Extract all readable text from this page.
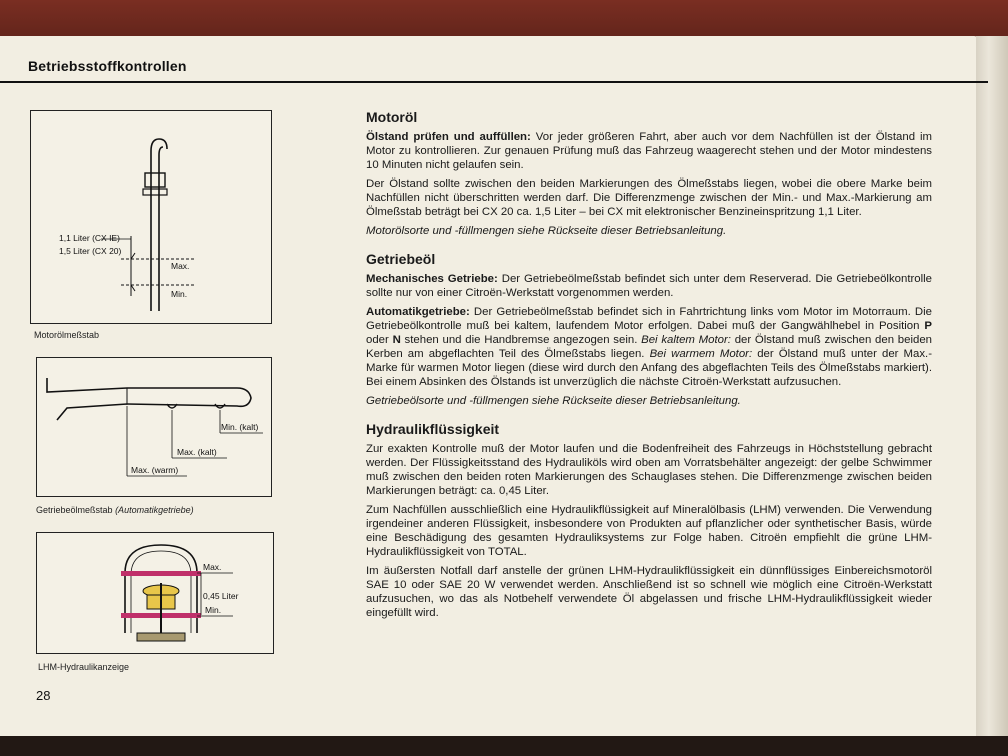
Betriebsstoffkontrollen
1,1 Liter (CX IE)
1,5 Liter (CX 20)
Max.
Min.
Motorölmeßstab
Min. (kalt)
Max. (kalt)
Max. (warm)
Getriebeölmeßstab (Automatikgetriebe)
Max.
0,45 Liter
Min.
LHM-Hydraulikanzeige
28
Motoröl

Ölstand prüfen und auffüllen: Vor jeder größeren Fahrt, aber auch vor dem Nachfüllen ist der Ölstand im Motor zu kontrollieren. Zur genauen Prüfung muß das Fahrzeug waagerecht stehen und der Motor mindestens 10 Minuten nicht gelaufen sein.

Der Ölstand sollte zwischen den beiden Markierungen des Ölmeßstabs liegen, wobei die obere Marke beim Nachfüllen nicht überschritten werden darf. Die Differenzmenge zwischen der Min.- und Max.-Markierung am Ölmeßstab beträgt bei CX 20 ca. 1,5 Liter – bei CX mit elektronischer Benzineinspritzung 1,1 Liter.

Motorölsorte und -füllmengen siehe Rückseite dieser Betriebsanleitung.

Getriebeöl

Mechanisches Getriebe: Der Getriebeölmeßstab befindet sich unter dem Reserverad. Die Getriebeölkontrolle sollte nur von einer Citroën-Werkstatt vorgenommen werden.

Automatikgetriebe: Der Getriebeölmeßstab befindet sich in Fahrtrichtung links vom Motor im Motorraum. Die Getriebeölkontrolle muß bei kaltem, laufendem Motor erfolgen. Dabei muß der Gangwählhebel in Position P oder N stehen und die Handbremse angezogen sein. Bei kaltem Motor: der Ölstand muß zwischen den beiden Kerben am abgeflachten Teil des Ölmeßstabs liegen. Bei warmem Motor: der Ölstand muß unter der Max.-Marke für warmen Motor liegen (diese wird durch den Anfang des abgeflachten Teils des Ölmeßstabs markiert). Bei einem Absinken des Ölstands ist unverzüglich die nächste Citroën-Werkstatt aufzusuchen.

Getriebeölsorte und -füllmengen siehe Rückseite dieser Betriebsanleitung.

Hydraulikflüssigkeit

Zur exakten Kontrolle muß der Motor laufen und die Bodenfreiheit des Fahrzeugs in Höchststellung gebracht werden. Der Flüssigkeitsstand des Hydrauliköls wird oben am Vorratsbehälter angezeigt: der gelbe Schwimmer muß zwischen den beiden roten Markierungen des Schauglases stehen. Die Differenzmenge zwischen beiden Markierungen beträgt: ca. 0,45 Liter.

Zum Nachfüllen ausschließlich eine Hydraulikflüssigkeit auf Mineralölbasis (LHM) verwenden. Die Verwendung irgendeiner anderen Flüssigkeit, insbesondere von Produkten auf pflanzlicher oder synthetischer Basis, würde eine Beschädigung des gesamten Hydrauliksystems zur Folge haben. Citroën empfiehlt die grüne LHM-Hydraulikflüssigkeit von TOTAL.

Im äußersten Notfall darf anstelle der grünen LHM-Hydraulikflüssigkeit ein dünnflüssiges Einbereichsmotoröl SAE 10 oder SAE 20 W verwendet werden. Anschließend ist so schnell wie möglich eine Citroën-Werkstatt aufzusuchen, wo das als Notbehelf verwendete Öl abgelassen und frische LHM-Hydraulikflüssigkeit wieder eingefüllt wird.
